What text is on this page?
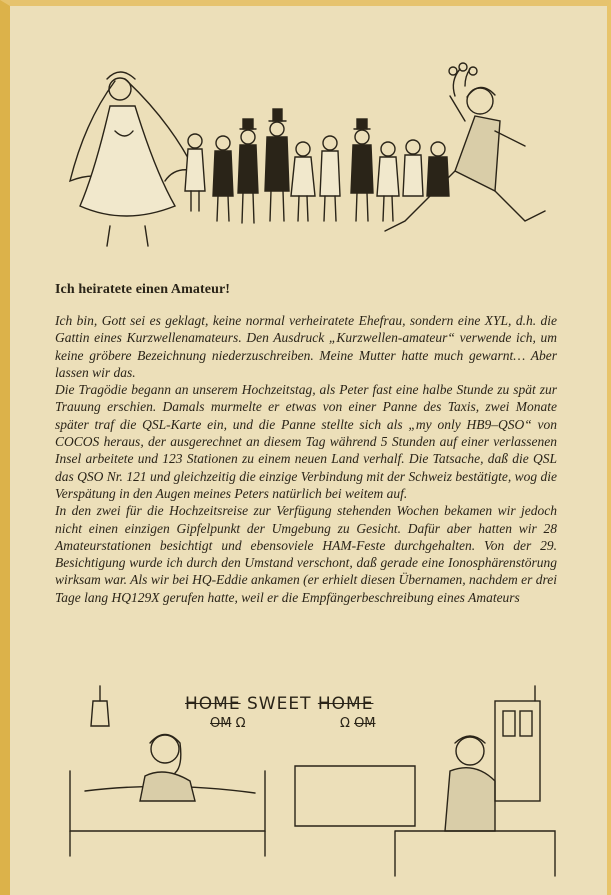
Ich heiratete einen Amateur!

Ich bin, Gott sei es geklagt, keine normal verheiratete Ehefrau, sondern eine XYL, d.h. die Gattin eines Kurzwellenamateurs. Den Ausdruck „Kurzwellen-amateur“ verwende ich, um keine gröbere Bezeichnung niederzuschreiben. Meine Mutter hatte much gewarnt… Aber lassen wir das.

Die Tragödie begann an unserem Hochzeitstag, als Peter fast eine halbe Stunde zu spät zur Trauung erschien. Damals murmelte er etwas von einer Panne des Taxis, zwei Monate später traf die QSL-Karte ein, und die Panne stellte sich als „my only HB9–QSO“ von COCOS heraus, der ausgerechnet an diesem Tag während 5 Stunden auf einer verlassenen Insel arbeitete und 123 Stationen zu einem neuen Land verhalf. Die Tatsache, daß die QSL das QSO Nr. 121 und gleichzeitig die einzige Verbindung mit der Schweiz bestätigte, wog die Verspätung in den Augen meines Peters natürlich bei weitem auf.

In den zwei für die Hochzeitsreise zur Verfügung stehenden Wochen bekamen wir jedoch nicht einen einzigen Gipfelpunkt der Umgebung zu Gesicht. Dafür aber hatten wir 28 Amateurstationen besichtigt und ebensoviele HAM-Feste durchgehalten. Von der 29. Besichtigung wurde ich durch den Umstand verschont, daß gerade eine Ionosphärenstörung wirksam war. Als wir bei HQ-Eddie ankamen (er erhielt diesen Übernamen, nachdem er drei Tage lang HQ129X gerufen hatte, weil er die Empfängerbeschreibung eines Amateurs

HOME SWEET HOME
OM Ω	Ω OM
